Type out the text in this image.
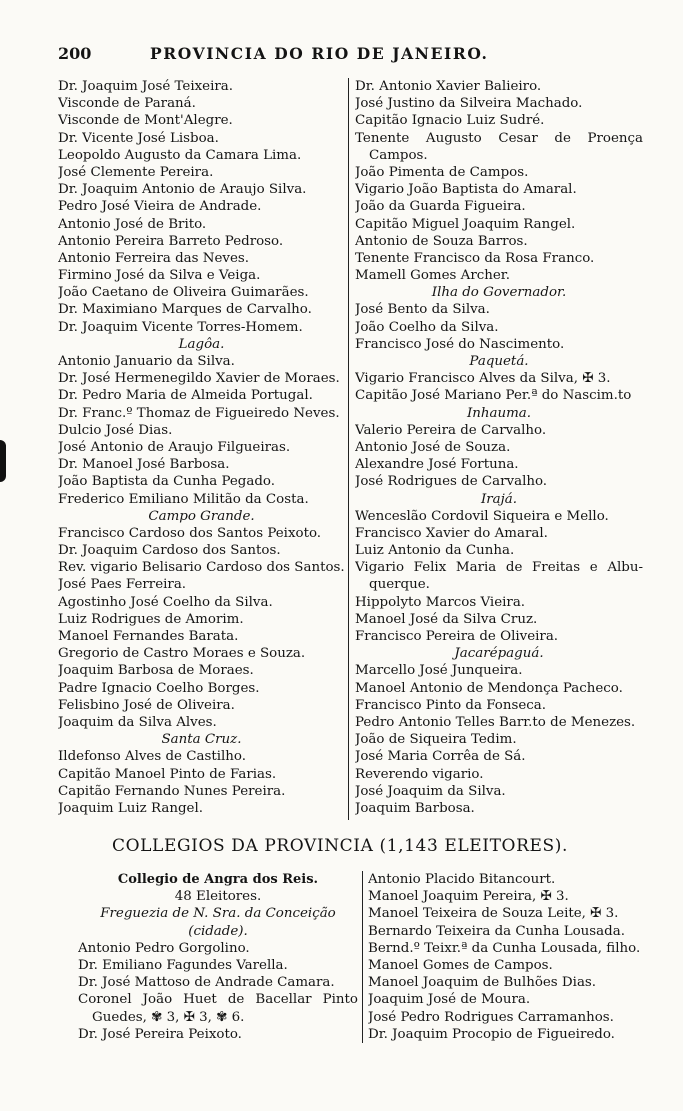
200	PROVINCIA DO RIO DE JANEIRO.
Dr. Joaquim José Teixeira.
Visconde de Paraná.
Visconde de Mont'Alegre.
Dr. Vicente José Lisboa.
Leopoldo Augusto da Camara Lima.
José Clemente Pereira.
Dr. Joaquim Antonio de Araujo Silva.
Pedro José Vieira de Andrade.
Antonio José de Brito.
Antonio Pereira Barreto Pedroso.
Antonio Ferreira das Neves.
Firmino José da Silva e Veiga.
João Caetano de Oliveira Guimarães.
Dr. Maximiano Marques de Carvalho.
Dr. Joaquim Vicente Torres-Homem.
Lagôa.
Antonio Januario da Silva.
Dr. José Hermenegildo Xavier de Moraes.
Dr. Pedro Maria de Almeida Portugal.
Dr. Franc.º Thomaz de Figueiredo Neves.
Dulcio José Dias.
José Antonio de Araujo Filgueiras.
Dr. Manoel José Barbosa.
João Baptista da Cunha Pegado.
Frederico Emiliano Militão da Costa.
Campo Grande.
Francisco Cardoso dos Santos Peixoto.
Dr. Joaquim Cardoso dos Santos.
Rev. vigario Belisario Cardoso dos Santos.
José Paes Ferreira.
Agostinho José Coelho da Silva.
Luiz Rodrigues de Amorim.
Manoel Fernandes Barata.
Gregorio de Castro Moraes e Souza.
Joaquim Barbosa de Moraes.
Padre Ignacio Coelho Borges.
Felisbino José de Oliveira.
Joaquim da Silva Alves.
Santa Cruz.
Ildefonso Alves de Castilho.
Capitão Manoel Pinto de Farias.
Capitão Fernando Nunes Pereira.
Joaquim Luiz Rangel.
Dr. Antonio Xavier Balieiro.
José Justino da Silveira Machado.
Capitão Ignacio Luiz Sudré.
Tenente Augusto Cesar de Proença
Campos.
João Pimenta de Campos.
Vigario João Baptista do Amaral.
João da Guarda Figueira.
Capitão Miguel Joaquim Rangel.
Antonio de Souza Barros.
Tenente Francisco da Rosa Franco.
Mamell Gomes Archer.
Ilha do Governador.
José Bento da Silva.
João Coelho da Silva.
Francisco José do Nascimento.
Paquetá.
Vigario Francisco Alves da Silva, ✠ 3.
Capitão José Mariano Per.ª do Nascim.to
Inhauma.
Valerio Pereira de Carvalho.
Antonio José de Souza.
Alexandre José Fortuna.
José Rodrigues de Carvalho.
Irajá.
Wenceslão Cordovil Siqueira e Mello.
Francisco Xavier do Amaral.
Luiz Antonio da Cunha.
Vigario Felix Maria de Freitas e Albu-
querque.
Hippolyto Marcos Vieira.
Manoel José da Silva Cruz.
Francisco Pereira de Oliveira.
Jacarépaguá.
Marcello José Junqueira.
Manoel Antonio de Mendonça Pacheco.
Francisco Pinto da Fonseca.
Pedro Antonio Telles Barr.to de Menezes.
João de Siqueira Tedim.
José Maria Corrêa de Sá.
Reverendo vigario.
José Joaquim da Silva.
Joaquim Barbosa.
COLLEGIOS DA PROVINCIA (1,143 ELEITORES).
Collegio de Angra dos Reis.
48 Eleitores.
Freguezia de N. Sra. da Conceição
(cidade).
Antonio Pedro Gorgolino.
Dr. Emiliano Fagundes Varella.
Dr. José Mattoso de Andrade Camara.
Coronel João Huet de Bacellar Pinto
Guedes, ✾ 3, ✠ 3, ✾ 6.
Dr. José Pereira Peixoto.
Antonio Placido Bitancourt.
Manoel Joaquim Pereira, ✠ 3.
Manoel Teixeira de Souza Leite, ✠ 3.
Bernardo Teixeira da Cunha Lousada.
Bernd.º Teixr.ª da Cunha Lousada, filho.
Manoel Gomes de Campos.
Manoel Joaquim de Bulhões Dias.
Joaquim José de Moura.
José Pedro Rodrigues Carramanhos.
Dr. Joaquim Procopio de Figueiredo.
